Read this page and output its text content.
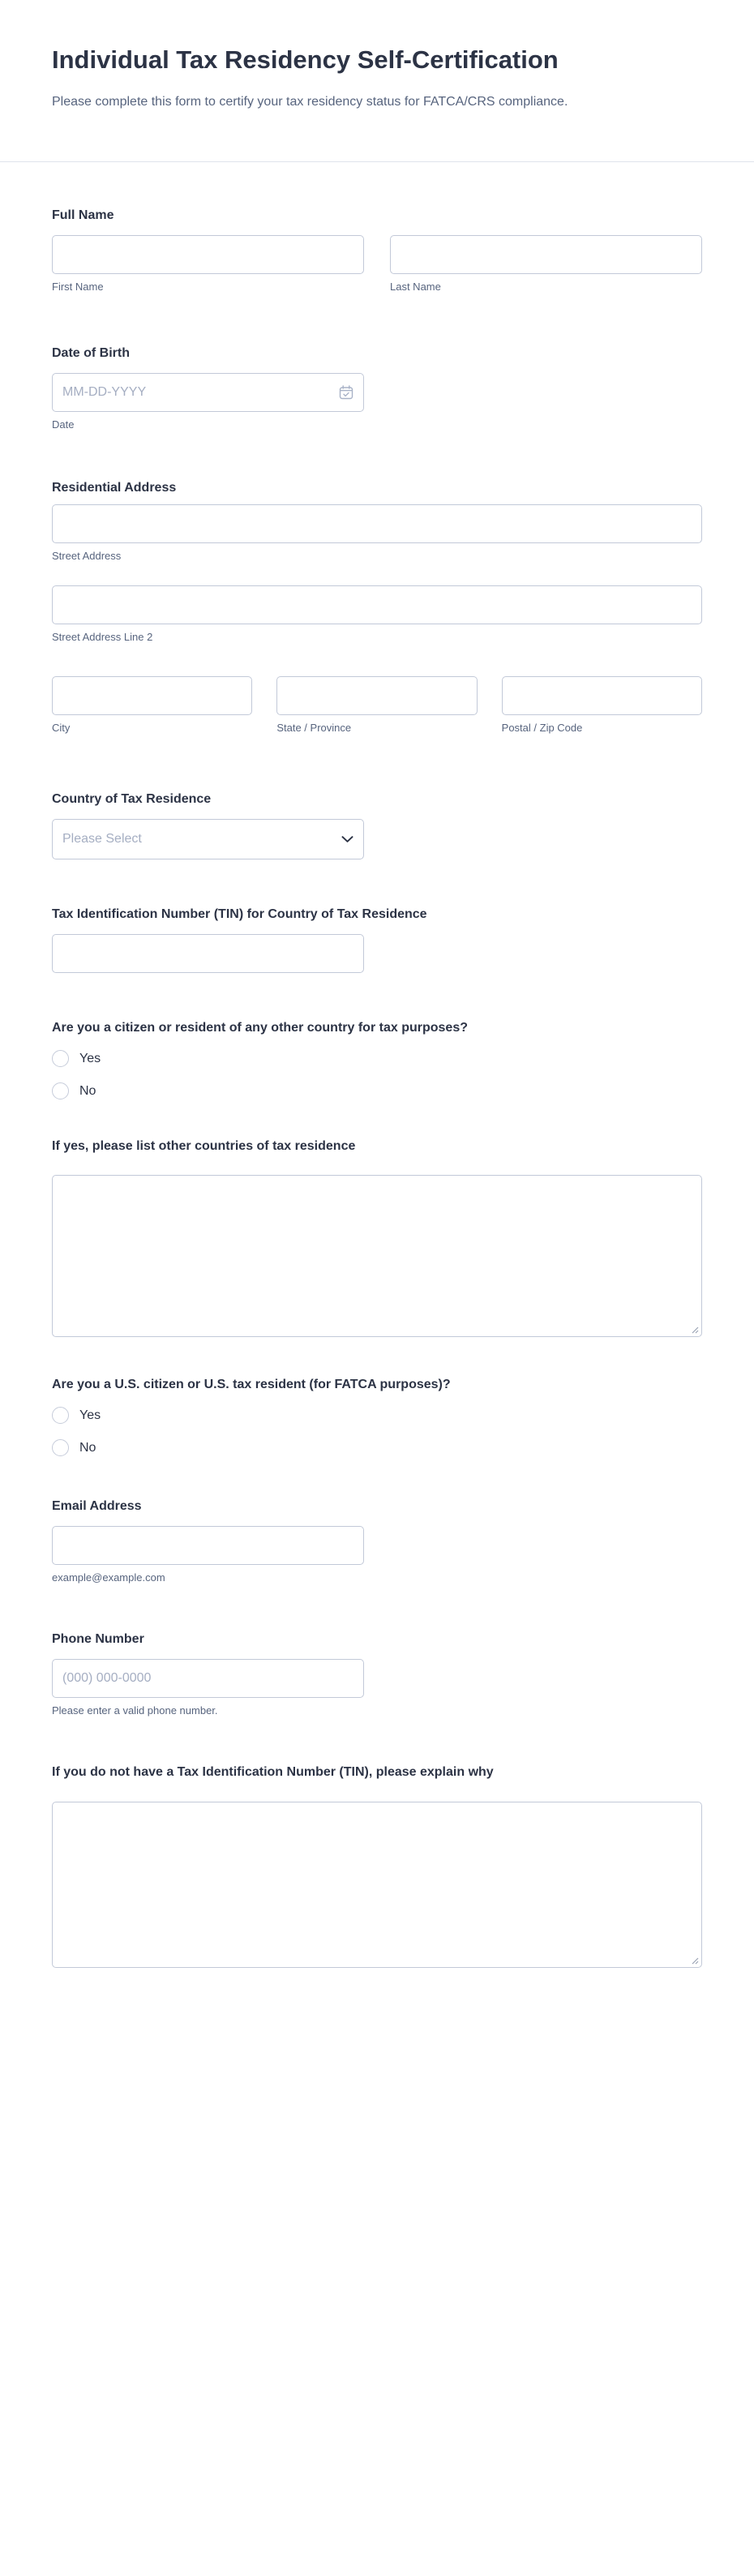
Individual Tax Residency Self-Certification

Please complete this form to certify your tax residency status for FATCA/CRS compliance.

Full Name
First Name	Last Name
Date of Birth
MM-DD-YYYY
Date
Residential Address
Street Address
Street Address Line 2
City	State / Province	Postal / Zip Code
Country of Tax Residence
Please Select
Tax Identification Number (TIN) for Country of Tax Residence
Are you a citizen or resident of any other country for tax purposes?
Yes
No
If yes, please list other countries of tax residence
Are you a U.S. citizen or U.S. tax resident (for FATCA purposes)?
Yes
No
Email Address
example@example.com
Phone Number
(000) 000-0000
Please enter a valid phone number.
If you do not have a Tax Identification Number (TIN), please explain why
